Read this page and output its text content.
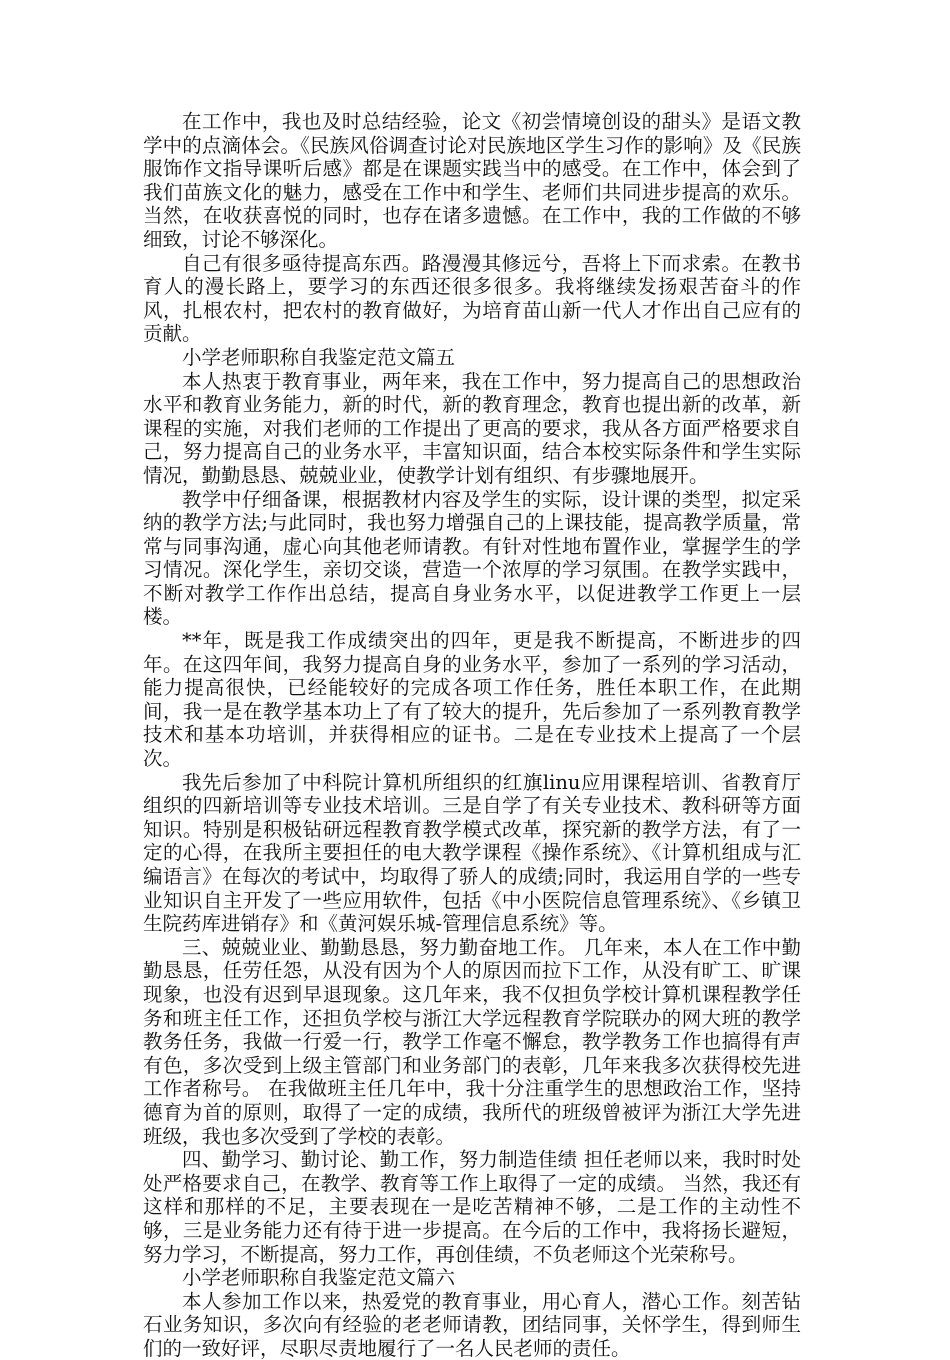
在工作中，我也及时总结经验，论文《初尝情境创设的甜头》是语文教学中的点滴体会。《民族风俗调查讨论对民族地区学生习作的影响》及《民族服饰作文指导课听后感》都是在课题实践当中的感受。在工作中，体会到了我们苗族文化的魅力，感受在工作中和学生、老师们共同进步提高的欢乐。当然，在收获喜悦的同时，也存在诸多遗憾。在工作中，我的工作做的不够细致，讨论不够深化。

自己有很多亟待提高东西。路漫漫其修远兮，吾将上下而求索。在教书育人的漫长路上，要学习的东西还很多很多。我将继续发扬艰苦奋斗的作风，扎根农村，把农村的教育做好，为培育苗山新一代人才作出自己应有的贡献。

小学老师职称自我鉴定范文篇五

本人热衷于教育事业，两年来，我在工作中，努力提高自己的思想政治水平和教育业务能力，新的时代，新的教育理念，教育也提出新的改革，新课程的实施，对我们老师的工作提出了更高的要求，我从各方面严格要求自己，努力提高自己的业务水平，丰富知识面，结合本校实际条件和学生实际情况，勤勤恳恳、兢兢业业，使教学计划有组织、有步骤地展开。

教学中仔细备课，根据教材内容及学生的实际，设计课的类型，拟定采纳的教学方法;与此同时，我也努力增强自己的上课技能，提高教学质量，常常与同事沟通，虚心向其他老师请教。有针对性地布置作业，掌握学生的学习情况。深化学生，亲切交谈，营造一个浓厚的学习氛围。在教学实践中，不断对教学工作作出总结，提高自身业务水平，以促进教学工作更上一层楼。

**年，既是我工作成绩突出的四年，更是我不断提高，不断进步的四年。在这四年间，我努力提高自身的业务水平，参加了一系列的学习活动，能力提高很快，已经能较好的完成各项工作任务，胜任本职工作，在此期间，我一是在教学基本功上了有了较大的提升，先后参加了一系列教育教学技术和基本功培训，并获得相应的证书。二是在专业技术上提高了一个层次。

我先后参加了中科院计算机所组织的红旗linu应用课程培训、省教育厅组织的四新培训等专业技术培训。三是自学了有关专业技术、教科研等方面知识。特别是积极钻研远程教育教学模式改革，探究新的教学方法，有了一定的心得，在我所主要担任的电大教学课程《操作系统》、《计算机组成与汇编语言》在每次的考试中，均取得了骄人的成绩;同时，我运用自学的一些专业知识自主开发了一些应用软件，包括《中小医院信息管理系统》、《乡镇卫生院药库进销存》和《黄河娱乐城-管理信息系统》等。

三、兢兢业业、勤勤恳恳，努力勤奋地工作。 几年来，本人在工作中勤勤恳恳，任劳任怨，从没有因为个人的原因而拉下工作，从没有旷工、旷课现象，也没有迟到早退现象。这几年来，我不仅担负学校计算机课程教学任务和班主任工作，还担负学校与浙江大学远程教育学院联办的网大班的教学教务任务，我做一行爱一行，教学工作毫不懈怠，教学教务工作也搞得有声有色，多次受到上级主管部门和业务部门的表彰，几年来我多次获得校先进工作者称号。 在我做班主任几年中，我十分注重学生的思想政治工作，坚持德育为首的原则，取得了一定的成绩，我所代的班级曾被评为浙江大学先进班级，我也多次受到了学校的表彰。

四、勤学习、勤讨论、勤工作，努力制造佳绩 担任老师以来，我时时处处严格要求自己，在教学、教育等工作上取得了一定的成绩。 当然，我还有这样和那样的不足，主要表现在一是吃苦精神不够，二是工作的主动性不够，三是业务能力还有待于进一步提高。在今后的工作中，我将扬长避短，努力学习，不断提高，努力工作，再创佳绩，不负老师这个光荣称号。

小学老师职称自我鉴定范文篇六

本人参加工作以来，热爱党的教育事业，用心育人，潜心工作。刻苦钻石业务知识，多次向有经验的老老师请教，团结同事，关怀学生，得到师生们的一致好评，尽职尽责地履行了一名人民老师的责任。
